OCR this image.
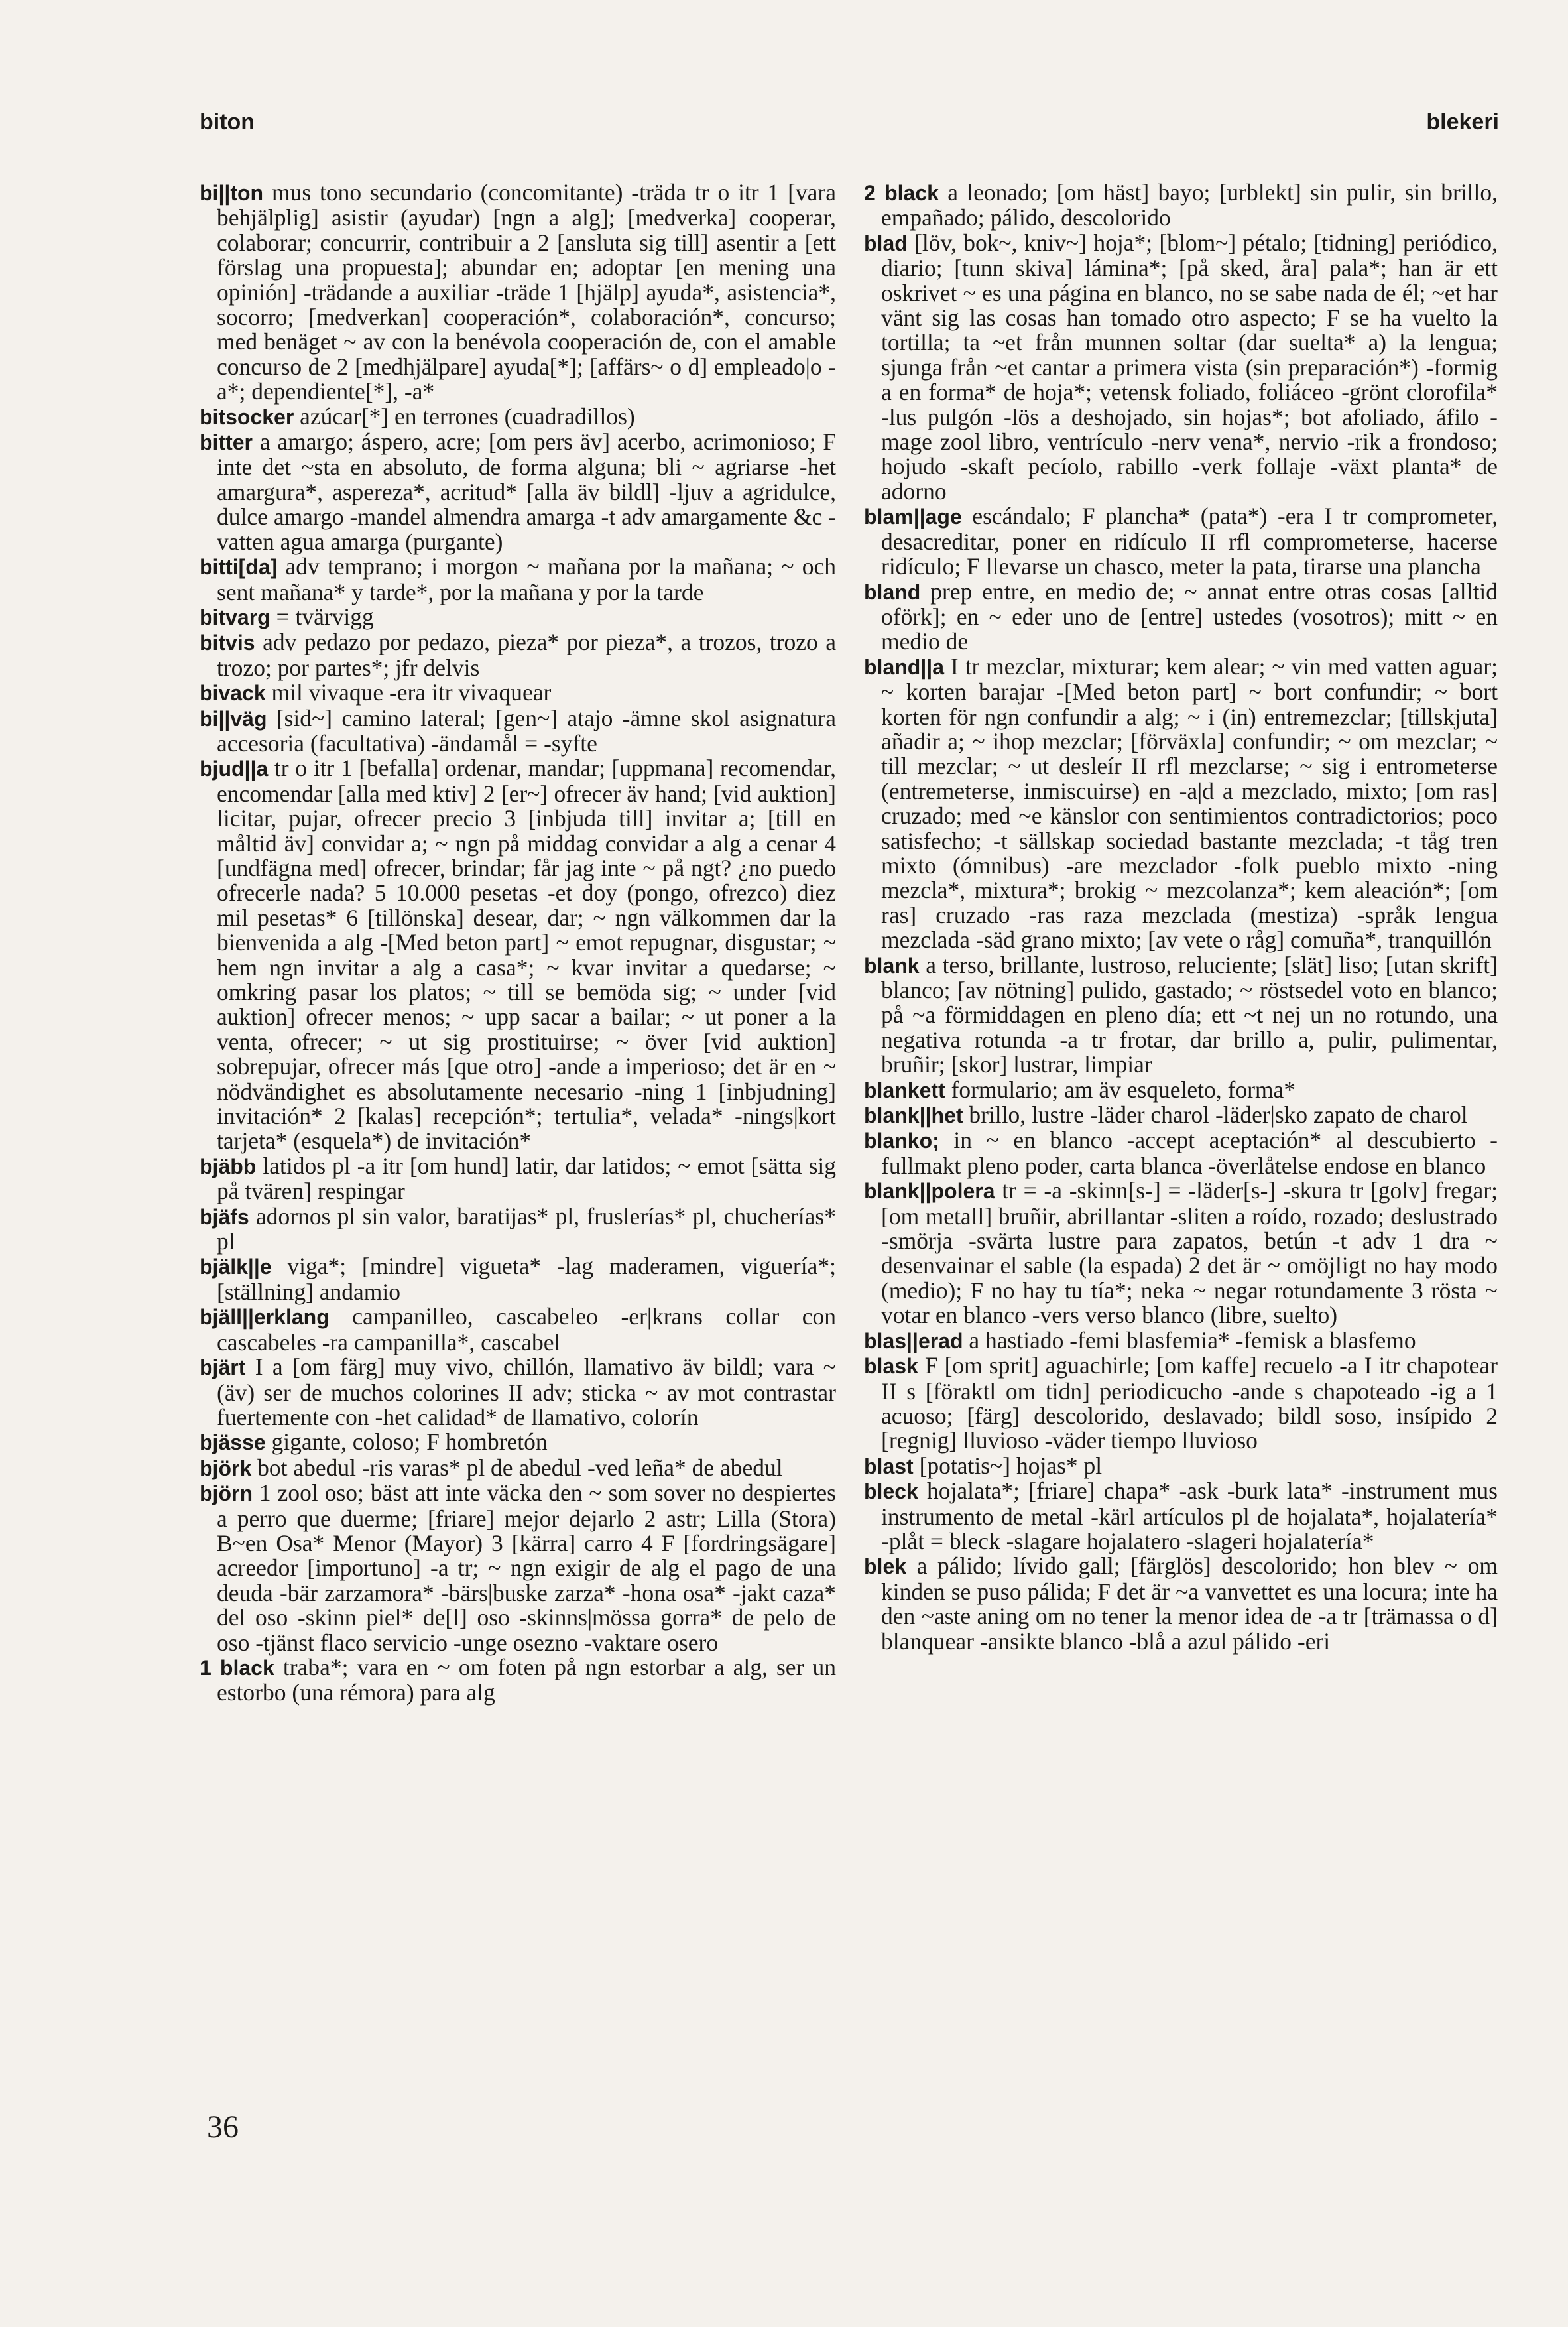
biton	blekeri

bi||ton mus tono secundario (concomitante) -träda tr o itr 1 [vara behjälplig] asistir (ayudar) [ngn a alg]; [medverka] cooperar, colaborar; concurrir, contribuir a 2 [ansluta sig till] asentir a [ett förslag una propuesta]; abundar en; adoptar [en mening una opinión] -trädande a auxiliar -träde 1 [hjälp] ayuda*, asistencia*, socorro; [medverkan] cooperación*, colaboración*, concurso; med benäget ~ av con la benévola cooperación de, con el amable concurso de 2 [medhjälpare] ayuda[*]; [affärs~ o d] empleado|o -a*; dependiente[*], -a*

bitsocker azúcar[*] en terrones (cuadradillos)

bitter a amargo; áspero, acre; [om pers äv] acerbo, acrimonioso; F inte det ~sta en absoluto, de forma alguna; bli ~ agriarse -het amargura*, aspereza*, acritud* [alla äv bildl] -ljuv a agridulce, dulce amargo -mandel almendra amarga -t adv amargamente &c -vatten agua amarga (purgante)

bitti[da] adv temprano; i morgon ~ mañana por la mañana; ~ och sent mañana* y tarde*, por la mañana y por la tarde

bitvarg = tvärvigg

bitvis adv pedazo por pedazo, pieza* por pieza*, a trozos, trozo a trozo; por partes*; jfr delvis

bivack mil vivaque -era itr vivaquear

bi||väg [sid~] camino lateral; [gen~] atajo -ämne skol asignatura accesoria (facultativa) -ändamål = -syfte

bjud||a tr o itr 1 [befalla] ordenar, mandar; [uppmana] recomendar, encomendar [alla med ktiv] 2 [er~] ofrecer äv hand; [vid auktion] licitar, pujar, ofrecer precio 3 [inbjuda till] invitar a; [till en måltid äv] convidar a; ~ ngn på middag convidar a alg a cenar 4 [undfägna med] ofrecer, brindar; får jag inte ~ på ngt? ¿no puedo ofrecerle nada? 5 10.000 pesetas -et doy (pongo, ofrezco) diez mil pesetas* 6 [tillönska] desear, dar; ~ ngn välkommen dar la bienvenida a alg -[Med beton part] ~ emot repugnar, disgustar; ~ hem ngn invitar a alg a casa*; ~ kvar invitar a quedarse; ~ omkring pasar los platos; ~ till se bemöda sig; ~ under [vid auktion] ofrecer menos; ~ upp sacar a bailar; ~ ut poner a la venta, ofrecer; ~ ut sig prostituirse; ~ över [vid auktion] sobrepujar, ofrecer más [que otro] -ande a imperioso; det är en ~ nödvändighet es absolutamente necesario -ning 1 [inbjudning] invitación* 2 [kalas] recepción*; tertulia*, velada* -nings|kort tarjeta* (esquela*) de invitación*

bjäbb latidos pl -a itr [om hund] latir, dar latidos; ~ emot [sätta sig på tvären] respingar

bjäfs adornos pl sin valor, baratijas* pl, fruslerías* pl, chucherías* pl

bjälk||e viga*; [mindre] vigueta* -lag maderamen, viguería*; [ställning] andamio

bjäll||erklang campanilleo, cascabeleo -er|krans collar con cascabeles -ra campanilla*, cascabel

bjärt I a [om färg] muy vivo, chillón, llamativo äv bildl; vara ~ (äv) ser de muchos colorines II adv; sticka ~ av mot contrastar fuertemente con -het calidad* de llamativo, colorín

bjässe gigante, coloso; F hombretón

björk bot abedul -ris varas* pl de abedul -ved leña* de abedul

björn 1 zool oso; bäst att inte väcka den ~ som sover no despiertes a perro que duerme; [friare] mejor dejarlo 2 astr; Lilla (Stora) B~en Osa* Menor (Mayor) 3 [kärra] carro 4 F [fordringsägare] acreedor [importuno] -a tr; ~ ngn exigir de alg el pago de una deuda -bär zarzamora* -bärs|buske zarza* -hona osa* -jakt caza* del oso -skinn piel* de[l] oso -skinns|mössa gorra* de pelo de oso -tjänst flaco servicio -unge osezno -vaktare osero

1 black traba*; vara en ~ om foten på ngn estorbar a alg, ser un estorbo (una rémora) para alg

2 black a leonado; [om häst] bayo; [urblekt] sin pulir, sin brillo, empañado; pálido, descolorido

blad [löv, bok~, kniv~] hoja*; [blom~] pétalo; [tidning] periódico, diario; [tunn skiva] lámina*; [på sked, åra] pala*; han är ett oskrivet ~ es una página en blanco, no se sabe nada de él; ~et har vänt sig las cosas han tomado otro aspecto; F se ha vuelto la tortilla; ta ~et från munnen soltar (dar suelta* a) la lengua; sjunga från ~et cantar a primera vista (sin preparación*) -formig a en forma* de hoja*; vetensk foliado, foliáceo -grönt clorofila* -lus pulgón -lös a deshojado, sin hojas*; bot afoliado, áfilo -mage zool libro, ventrículo -nerv vena*, nervio -rik a frondoso; hojudo -skaft pecíolo, rabillo -verk follaje -växt planta* de adorno

blam||age escándalo; F plancha* (pata*) -era I tr comprometer, desacreditar, poner en ridículo II rfl comprometerse, hacerse ridículo; F llevarse un chasco, meter la pata, tirarse una plancha

bland prep entre, en medio de; ~ annat entre otras cosas [alltid oförk]; en ~ eder uno de [entre] ustedes (vosotros); mitt ~ en medio de

bland||a I tr mezclar, mixturar; kem alear; ~ vin med vatten aguar; ~ korten barajar -[Med beton part] ~ bort confundir; ~ bort korten för ngn confundir a alg; ~ i (in) entremezclar; [tillskjuta] añadir a; ~ ihop mezclar; [förväxla] confundir; ~ om mezclar; ~ till mezclar; ~ ut desleír II rfl mezclarse; ~ sig i entrometerse (entremeterse, inmiscuirse) en -a|d a mezclado, mixto; [om ras] cruzado; med ~e känslor con sentimientos contradictorios; poco satisfecho; -t sällskap sociedad bastante mezclada; -t tåg tren mixto (ómnibus) -are mezclador -folk pueblo mixto -ning mezcla*, mixtura*; brokig ~ mezcolanza*; kem aleación*; [om ras] cruzado -ras raza mezclada (mestiza) -språk lengua mezclada -säd grano mixto; [av vete o råg] comuña*, tranquillón

blank a terso, brillante, lustroso, reluciente; [slät] liso; [utan skrift] blanco; [av nötning] pulido, gastado; ~ röstsedel voto en blanco; på ~a förmiddagen en pleno día; ett ~t nej un no rotundo, una negativa rotunda -a tr frotar, dar brillo a, pulir, pulimentar, bruñir; [skor] lustrar, limpiar

blankett formulario; am äv esqueleto, forma*

blank||het brillo, lustre -läder charol -läder|sko zapato de charol

blanko; in ~ en blanco -accept aceptación* al descubierto -fullmakt pleno poder, carta blanca -överlåtelse endose en blanco

blank||polera tr = -a -skinn[s-] = -läder[s-] -skura tr [golv] fregar; [om metall] bruñir, abrillantar -sliten a roído, rozado; deslustrado -smörja -svärta lustre para zapatos, betún -t adv 1 dra ~ desenvainar el sable (la espada) 2 det är ~ omöjligt no hay modo (medio); F no hay tu tía*; neka ~ negar rotundamente 3 rösta ~ votar en blanco -vers verso blanco (libre, suelto)

blas||erad a hastiado -femi blasfemia* -femisk a blasfemo

blask F [om sprit] aguachirle; [om kaffe] recuelo -a I itr chapotear II s [föraktl om tidn] periodicucho -ande s chapoteado -ig a 1 acuoso; [färg] descolorido, deslavado; bildl soso, insípido 2 [regnig] lluvioso -väder tiempo lluvioso

blast [potatis~] hojas* pl

bleck hojalata*; [friare] chapa* -ask -burk lata* -instrument mus instrumento de metal -kärl artículos pl de hojalata*, hojalatería* -plåt = bleck -slagare hojalatero -slageri hojalatería*

blek a pálido; lívido gall; [färglös] descolorido; hon blev ~ om kinden se puso pálida; F det är ~a vanvettet es una locura; inte ha den ~aste aning om no tener la menor idea de -a tr [trämassa o d] blanquear -ansikte blanco -blå a azul pálido -eri

36
